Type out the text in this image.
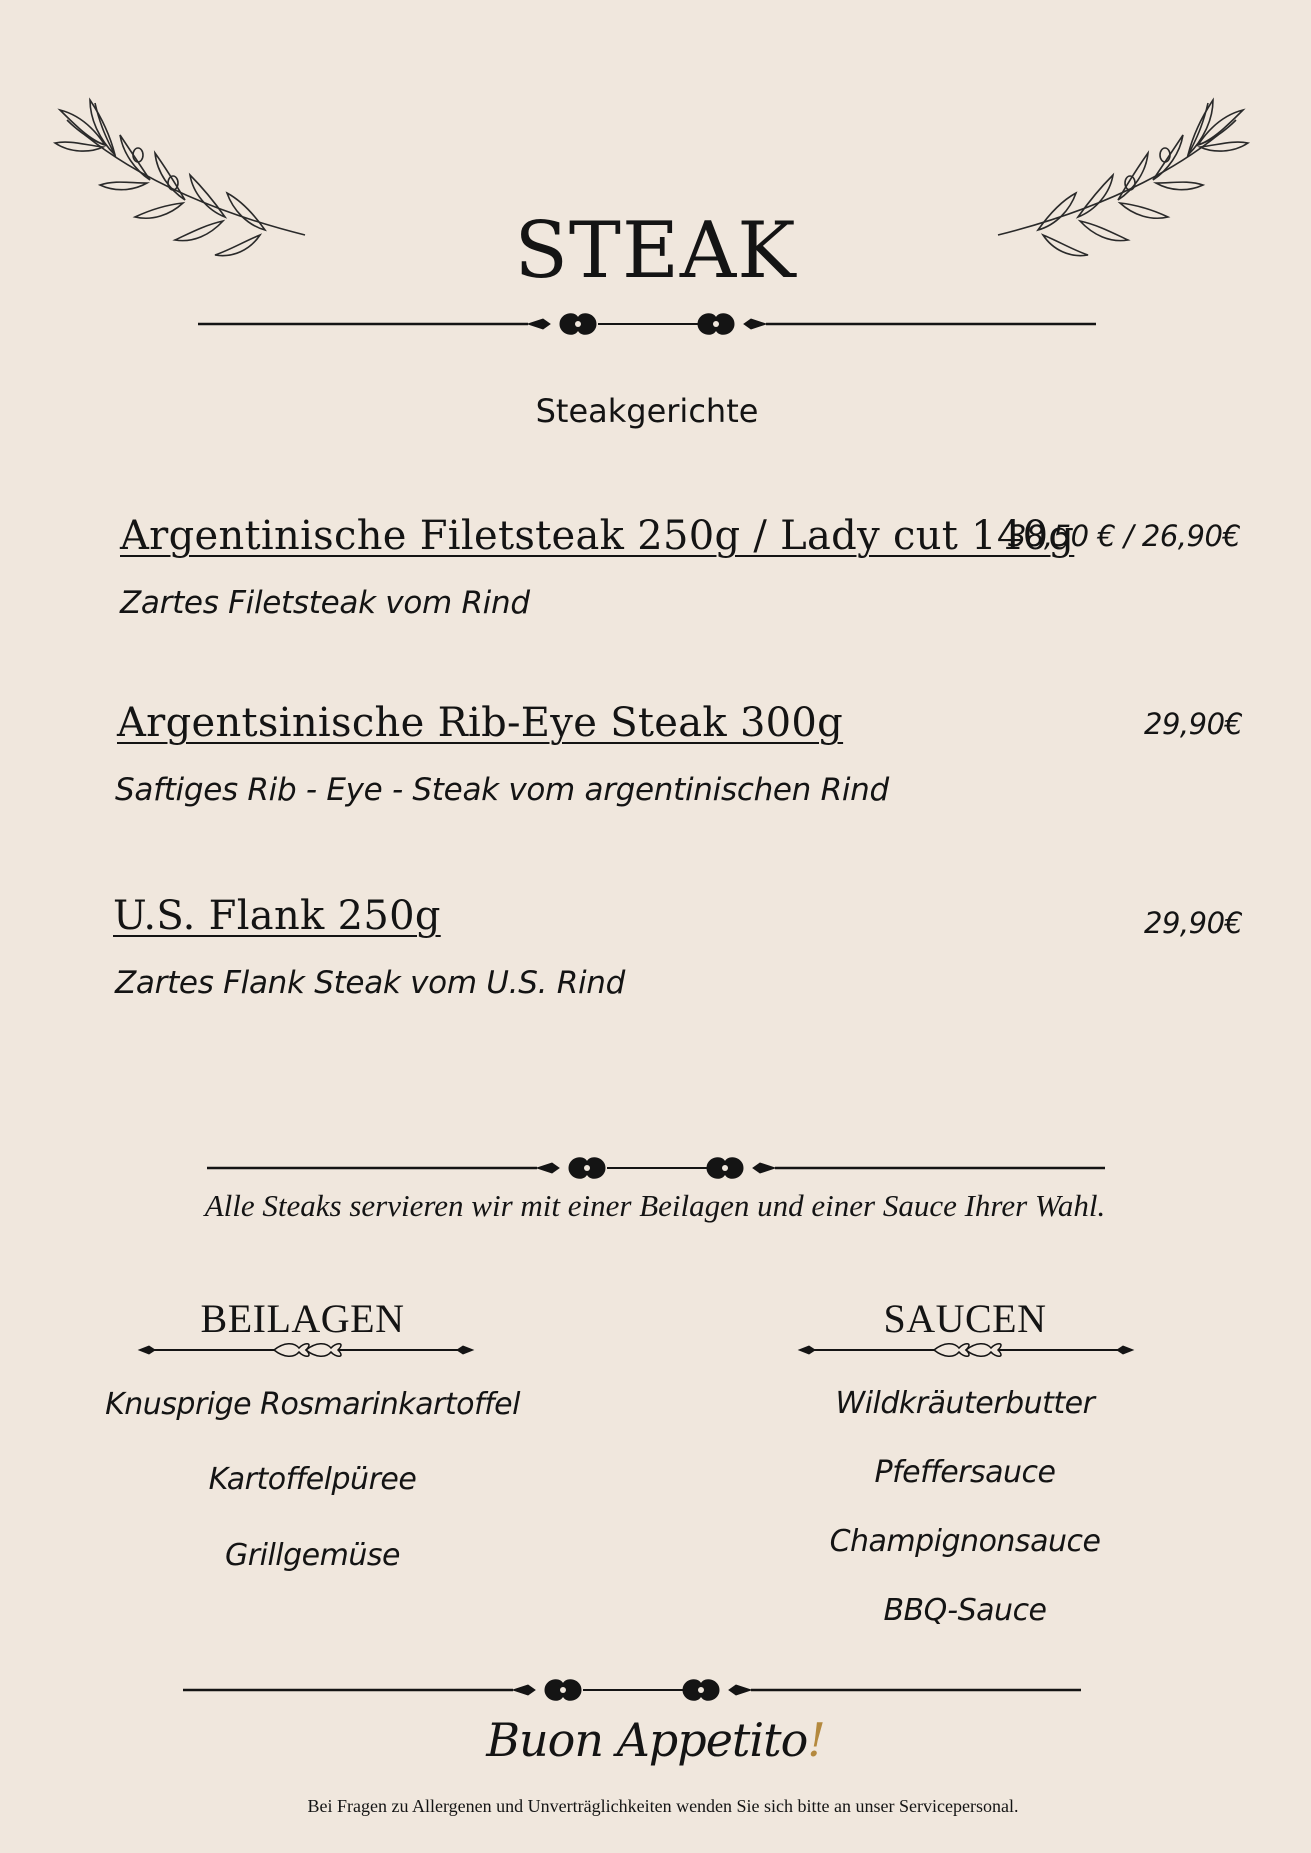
STEAK
Steakgerichte
Argentinische Filetsteak 250g / Lady cut 140g
38,50 € / 26,90€
Zartes Filetsteak vom Rind
Argentsinische Rib-Eye Steak 300g	29,90€
Saftiges Rib - Eye - Steak vom argentinischen Rind
U.S. Flank 250g	29,90€
Zartes Flank Steak vom U.S. Rind
Alle Steaks servieren wir mit einer Beilagen und einer Sauce Ihrer Wahl.
BEILAGEN
Knusprige Rosmarinkartoffel
Kartoffelpüree
Grillgemüse
SAUCEN
Wildkräuterbutter
Pfeffersauce
Champignonsauce
BBQ-Sauce
Buon Appetito!
Bei Fragen zu Allergenen und Unverträglichkeiten wenden Sie sich bitte an unser Servicepersonal.
